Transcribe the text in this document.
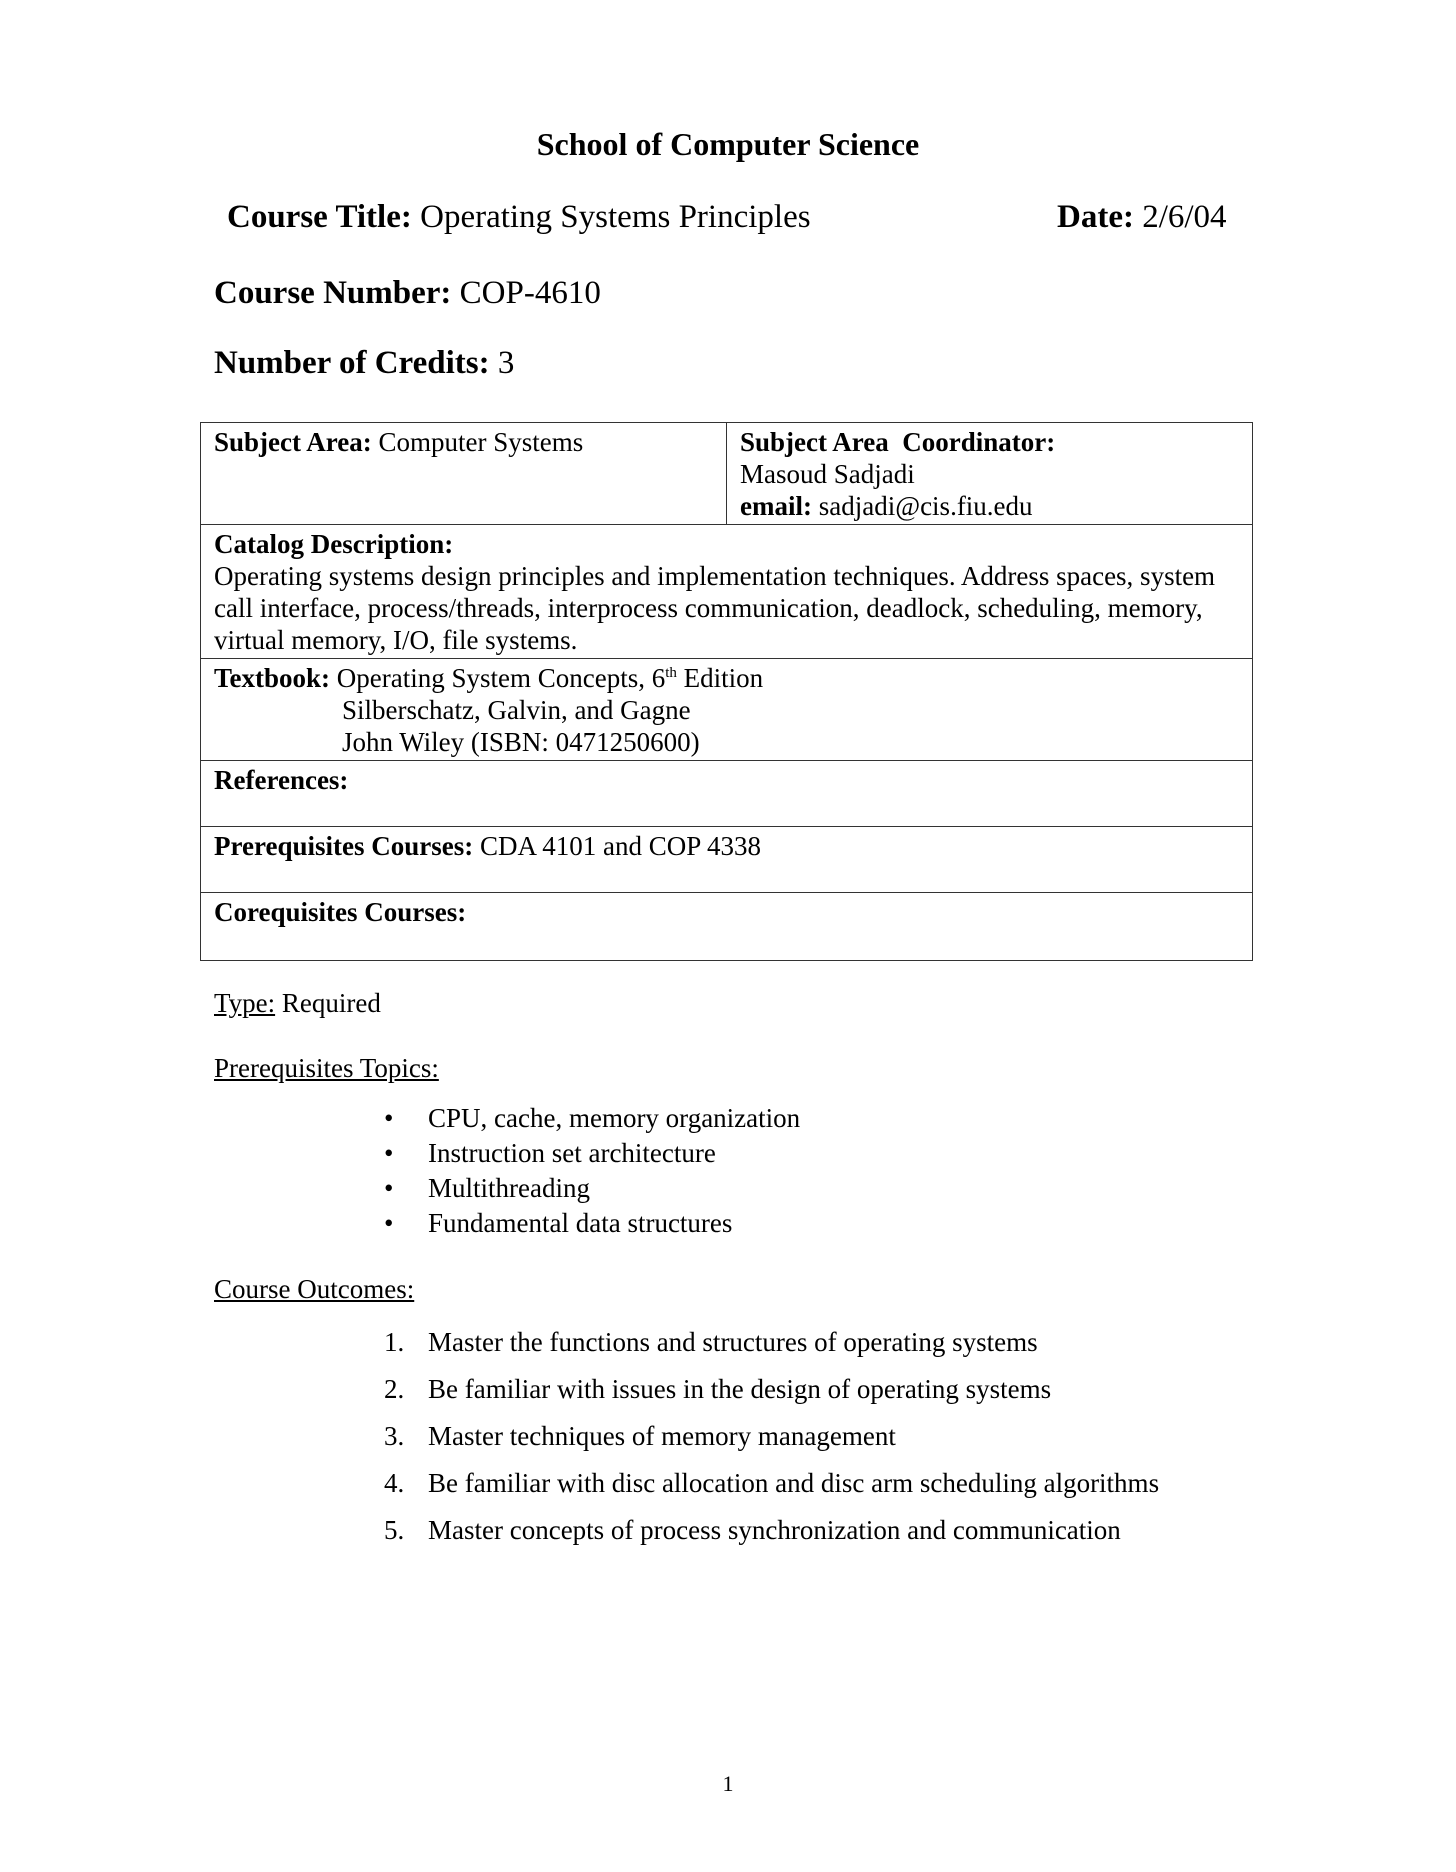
School of Computer Science
Course Title: Operating Systems Principles	Date: 2/6/04
Course Number: COP-4610
Number of Credits: 3
Subject Area: Computer Systems	Subject Area  Coordinator:
Masoud Sadjadi
email: sadjadi@cis.fiu.edu

Catalog Description:
Operating systems design principles and implementation techniques. Address spaces, system call interface, process/threads, interprocess communication, deadlock, scheduling, memory, virtual memory, I/O, file systems.

Textbook: Operating System Concepts, 6th Edition
Silberschatz, Galvin, and Gagne
John Wiley (ISBN: 0471250600)

References:
Prerequisites Courses: CDA 4101 and COP 4338
Corequisites Courses:
Type: Required
Prerequisites Topics:
• CPU, cache, memory organization
• Instruction set architecture
• Multithreading
• Fundamental data structures
Course Outcomes:
1. Master the functions and structures of operating systems
2. Be familiar with issues in the design of operating systems
3. Master techniques of memory management
4. Be familiar with disc allocation and disc arm scheduling algorithms
5. Master concepts of process synchronization and communication
1
